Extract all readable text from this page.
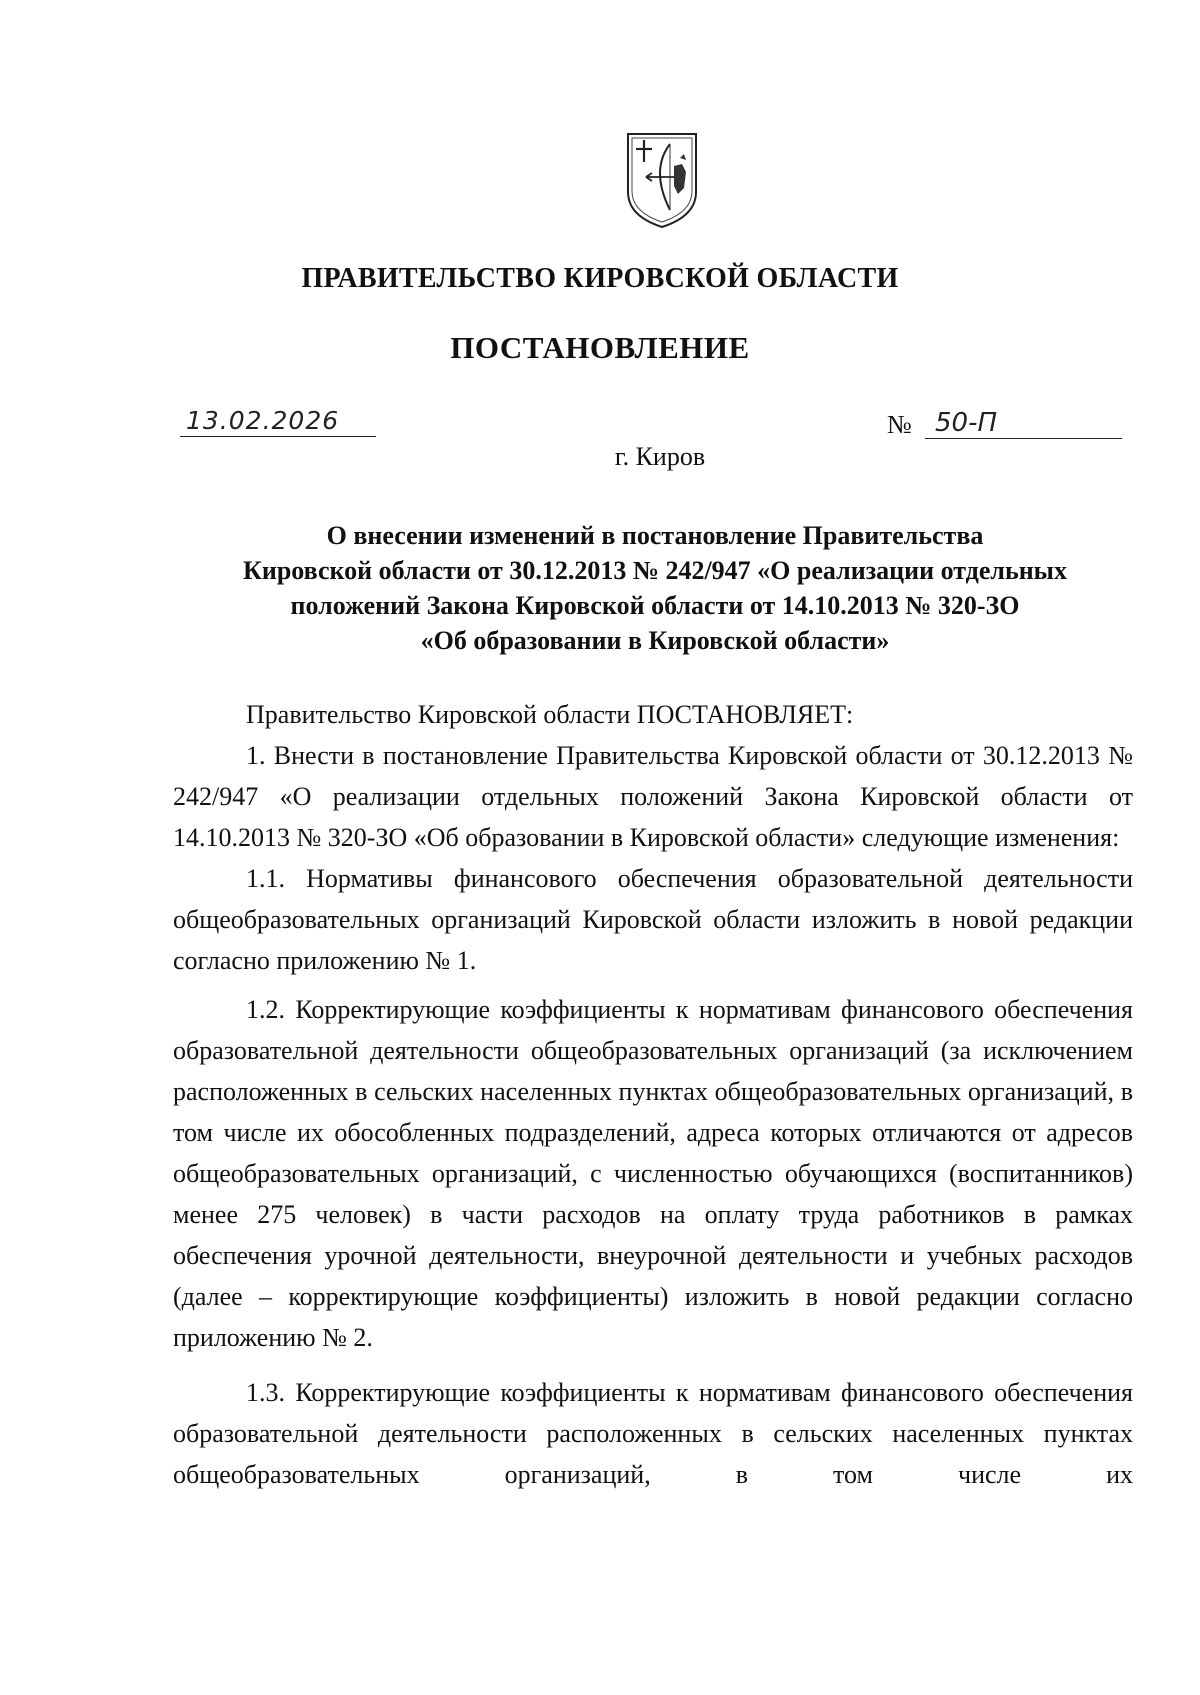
ПРАВИТЕЛЬСТВО КИРОВСКОЙ ОБЛАСТИ
ПОСТАНОВЛЕНИЕ
13.02.2026	№ 50-П
г. Киров
О внесении изменений в постановление Правительства
Кировской области от 30.12.2013 № 242/947 «О реализации отдельных
положений Закона Кировской области от 14.10.2013 № 320-ЗО
«Об образовании в Кировской области»

Правительство Кировской области ПОСТАНОВЛЯЕТ:

1. Внести в постановление Правительства Кировской области от 30.12.2013 № 242/947 «О реализации отдельных положений Закона Кировской области от 14.10.2013 № 320-ЗО «Об образовании в Кировской области» следующие изменения:

1.1. Нормативы финансового обеспечения образовательной деятельности общеобразовательных организаций Кировской области изложить в новой редакции согласно приложению № 1.

1.2. Корректирующие коэффициенты к нормативам финансового обеспечения образовательной деятельности общеобразовательных организаций (за исключением расположенных в сельских населенных пунктах общеобразовательных организаций, в том числе их обособленных подразделений, адреса которых отличаются от адресов общеобразовательных организаций, с численностью обучающихся (воспитанников) менее 275 человек) в части расходов на оплату труда работников в рамках обеспечения урочной деятельности, внеурочной деятельности и учебных расходов (далее – корректирующие коэффициенты) изложить в новой редакции согласно приложению № 2.

1.3. Корректирующие коэффициенты к нормативам финансового обеспечения образовательной деятельности расположенных в сельских населенных пунктах общеобразовательных организаций, в том числе их
